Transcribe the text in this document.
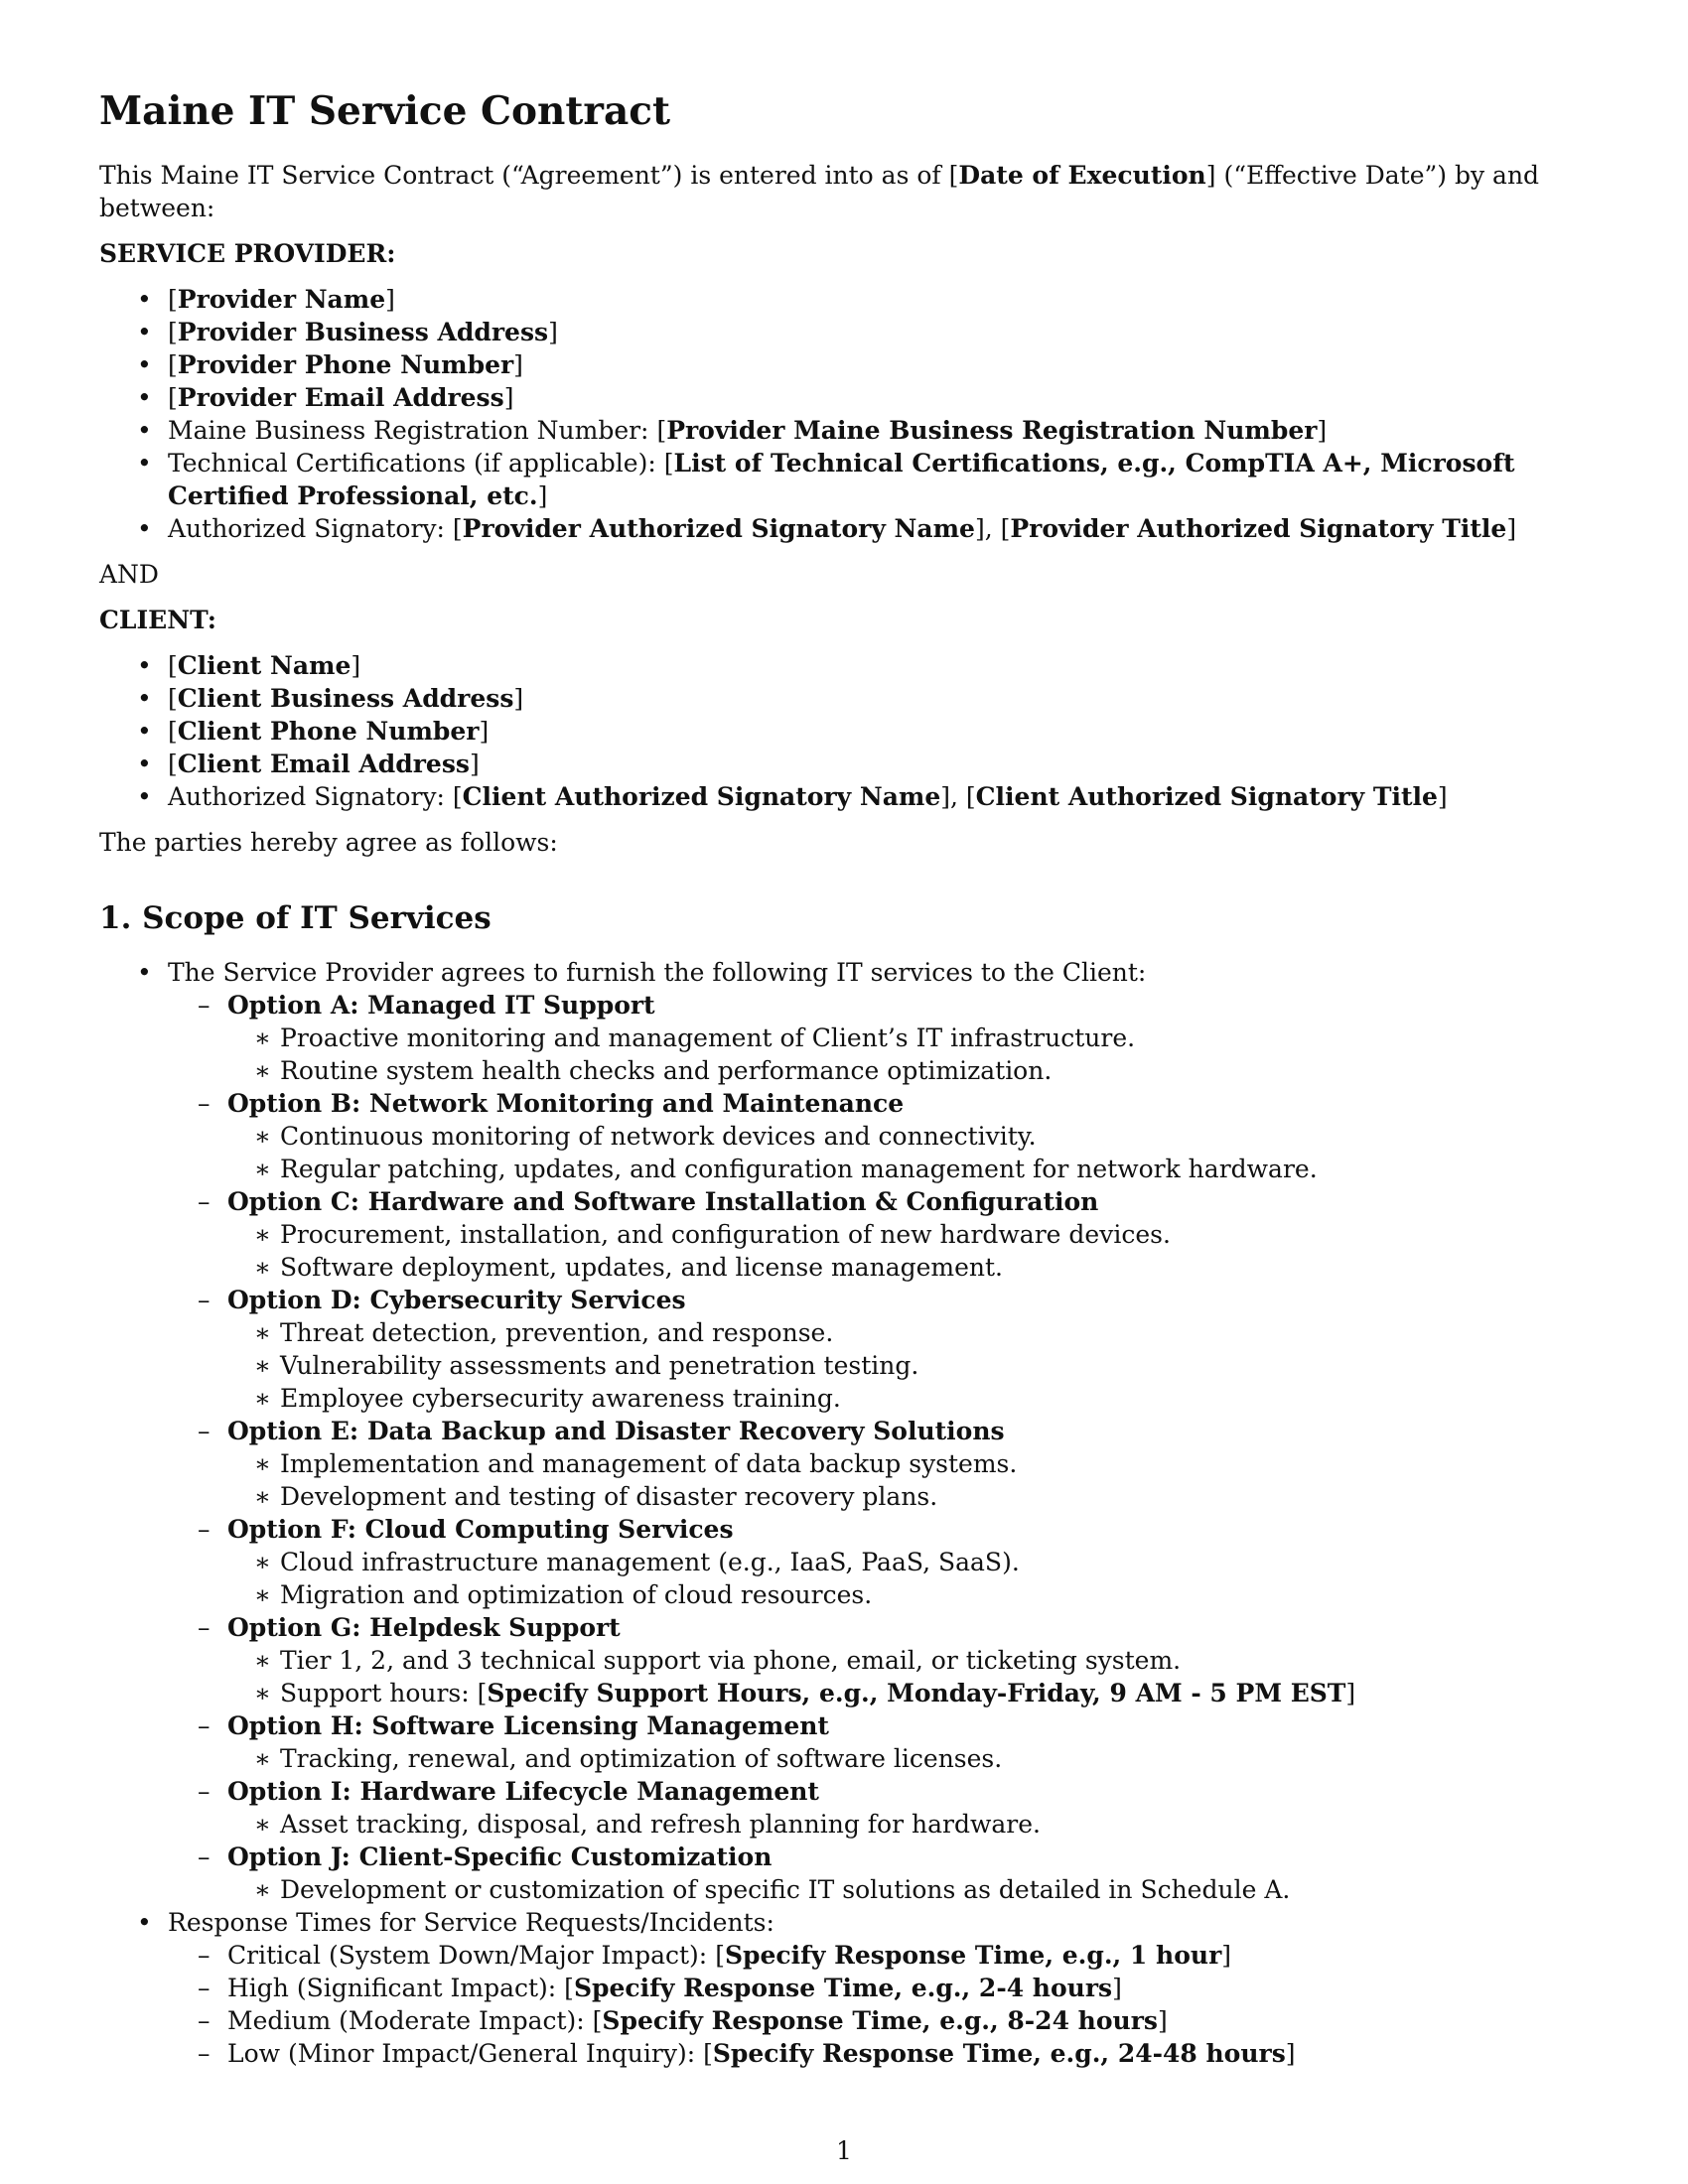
Maine IT Service Contract

This Maine IT Service Contract (“Agreement”) is entered into as of [Date of Execution] (“Effective Date”) by and between:

SERVICE PROVIDER:

• [Provider Name]
• [Provider Business Address]
• [Provider Phone Number]
• [Provider Email Address]
• Maine Business Registration Number: [Provider Maine Business Registration Number]
• Technical Certifications (if applicable): [List of Technical Certifications, e.g., CompTIA A+, Microsoft Certified Professional, etc.]
• Authorized Signatory: [Provider Authorized Signatory Name], [Provider Authorized Signatory Title]

AND

CLIENT:

• [Client Name]
• [Client Business Address]
• [Client Phone Number]
• [Client Email Address]
• Authorized Signatory: [Client Authorized Signatory Name], [Client Authorized Signatory Title]

The parties hereby agree as follows:

1. Scope of IT Services
• The Service Provider agrees to furnish the following IT services to the Client:
– Option A: Managed IT Support
∗ Proactive monitoring and management of Client’s IT infrastructure.
∗ Routine system health checks and performance optimization.
– Option B: Network Monitoring and Maintenance
∗ Continuous monitoring of network devices and connectivity.
∗ Regular patching, updates, and configuration management for network hardware.
– Option C: Hardware and Software Installation & Configuration
∗ Procurement, installation, and configuration of new hardware devices.
∗ Software deployment, updates, and license management.
– Option D: Cybersecurity Services
∗ Threat detection, prevention, and response.
∗ Vulnerability assessments and penetration testing.
∗ Employee cybersecurity awareness training.
– Option E: Data Backup and Disaster Recovery Solutions
∗ Implementation and management of data backup systems.
∗ Development and testing of disaster recovery plans.
– Option F: Cloud Computing Services
∗ Cloud infrastructure management (e.g., IaaS, PaaS, SaaS).
∗ Migration and optimization of cloud resources.
– Option G: Helpdesk Support
∗ Tier 1, 2, and 3 technical support via phone, email, or ticketing system.
∗ Support hours: [Specify Support Hours, e.g., Monday-Friday, 9 AM - 5 PM EST]
– Option H: Software Licensing Management
∗ Tracking, renewal, and optimization of software licenses.
– Option I: Hardware Lifecycle Management
∗ Asset tracking, disposal, and refresh planning for hardware.
– Option J: Client-Specific Customization
∗ Development or customization of specific IT solutions as detailed in Schedule A.
• Response Times for Service Requests/Incidents:
– Critical (System Down/Major Impact): [Specify Response Time, e.g., 1 hour]
– High (Significant Impact): [Specify Response Time, e.g., 2-4 hours]
– Medium (Moderate Impact): [Specify Response Time, e.g., 8-24 hours]
– Low (Minor Impact/General Inquiry): [Specify Response Time, e.g., 24-48 hours]
1
